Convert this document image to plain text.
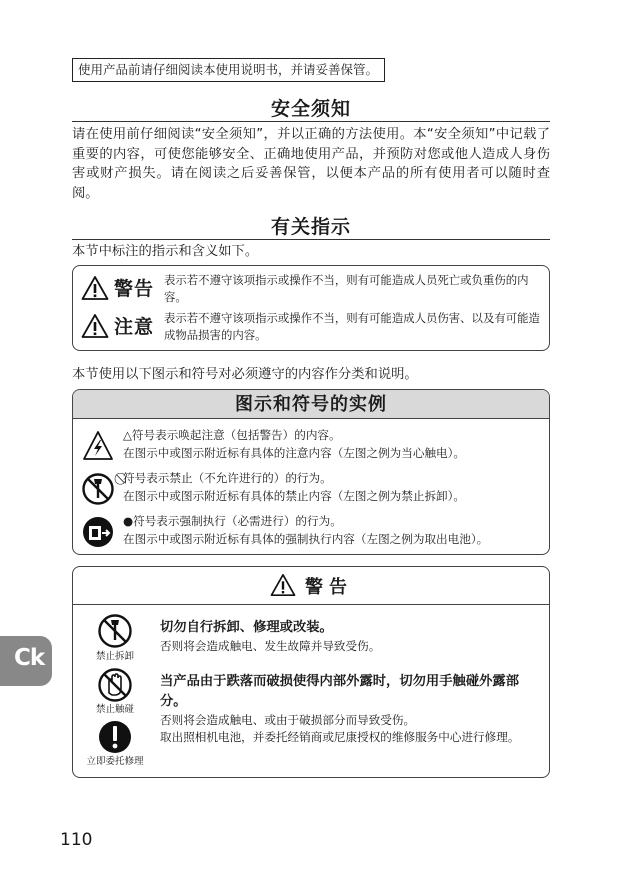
使用产品前请仔细阅读本使用说明书，并请妥善保管。
安全须知
请在使用前仔细阅读“安全须知”，并以正确的方法使用。本“安全须知”中记载了重要的内容，可使您能够安全、正确地使用产品，并预防对您或他人造成人身伤害或财产损失。请在阅读之后妥善保管，以便本产品的所有使用者可以随时查阅。
有关指示
本节中标注的指示和含义如下。
警告 表示若不遵守该项指示或操作不当，则有可能造成人员死亡或负重伤的内容。
注意 表示若不遵守该项指示或操作不当，则有可能造成人员伤害、以及有可能造成物品损害的内容。
本节使用以下图示和符号对必须遵守的内容作分类和说明。
图示和符号的实例
△符号表示唤起注意（包括警告）的内容。
在图示中或图示附近标有具体的注意内容（左图之例为当心触电）。
⃠符号表示禁止（不允许进行的）的行为。
在图示中或图示附近标有具体的禁止内容（左图之例为禁止拆卸）。
●符号表示强制执行（必需进行）的行为。
在图示中或图示附近标有具体的强制执行内容（左图之例为取出电池）。
警告
禁止拆卸
切勿自行拆卸、修理或改装。
否则将会造成触电、发生故障并导致受伤。
禁止触碰
当产品由于跌落而破损使得内部外露时，切勿用手触碰外露部分。
否则将会造成触电、或由于破损部分而导致受伤。
立即委托修理
取出照相机电池，并委托经销商或尼康授权的维修服务中心进行修理。
Ck
110
